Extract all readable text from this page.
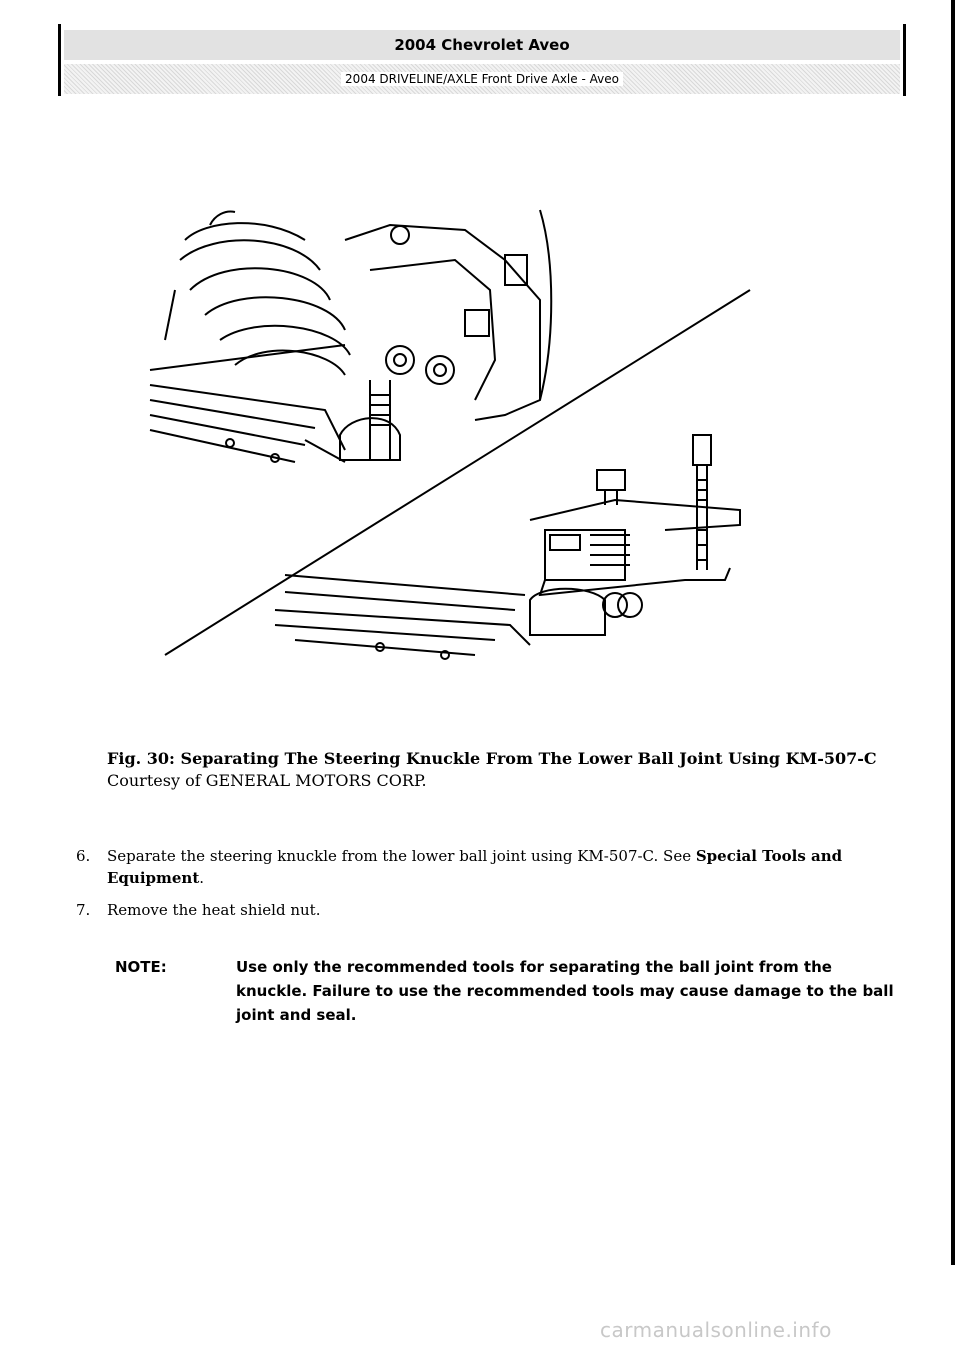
2004 Chevrolet Aveo
2004 DRIVELINE/AXLE Front Drive Axle - Aveo
Fig. 30: Separating The Steering Knuckle From The Lower Ball Joint Using KM-507-C
Courtesy of GENERAL MOTORS CORP.
6. Separate the steering knuckle from the lower ball joint using KM-507-C. See Special Tools and Equipment.
7. Remove the heat shield nut.
NOTE:	Use only the recommended tools for separating the ball joint from the knuckle. Failure to use the recommended tools may cause damage to the ball joint and seal.
carmanualsonline.info
